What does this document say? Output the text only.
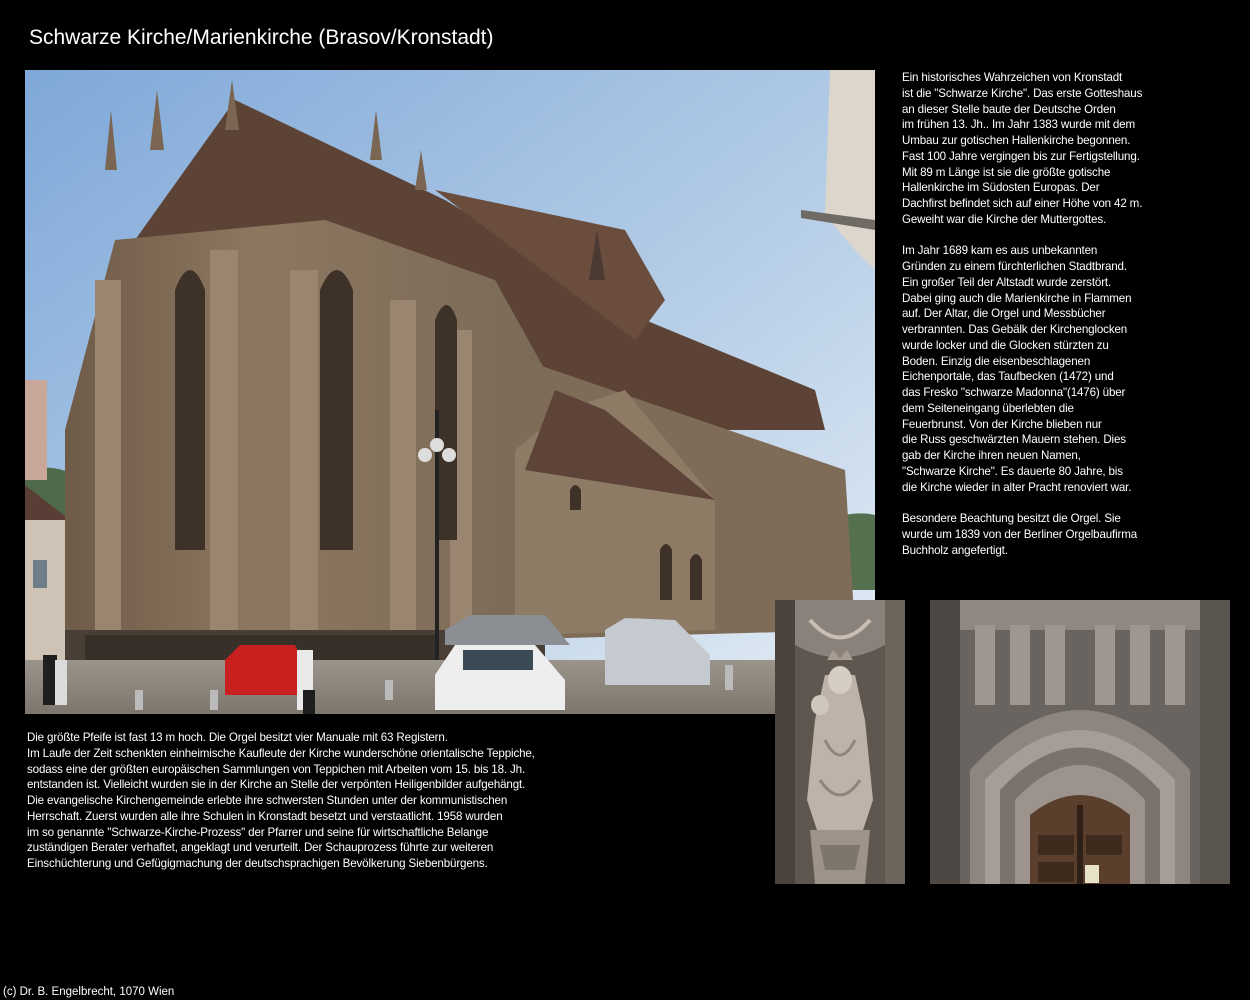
Schwarze Kirche/Marienkirche (Brasov/Kronstadt)
Ein historisches Wahrzeichen von Kronstadt
ist die "Schwarze Kirche". Das erste Gotteshaus
an dieser Stelle baute der Deutsche Orden
im frühen 13. Jh.. Im Jahr 1383 wurde mit dem
Umbau zur gotischen Hallenkirche begonnen.
Fast 100 Jahre vergingen bis zur Fertigstellung.
Mit 89 m Länge ist sie die größte gotische
Hallenkirche im Südosten Europas. Der
Dachfirst befindet sich auf einer Höhe von 42 m.
Geweiht war die Kirche der Muttergottes.
Im Jahr 1689 kam es aus unbekannten
Gründen zu einem fürchterlichen Stadtbrand.
Ein großer Teil der Altstadt wurde zerstört.
Dabei ging auch die Marienkirche in Flammen
auf. Der Altar, die Orgel und Messbücher
verbrannten. Das Gebälk der Kirchenglocken
wurde locker und die Glocken stürzten zu
Boden. Einzig die eisenbeschlagenen
Eichenportale, das Taufbecken (1472) und
das Fresko "schwarze Madonna"(1476) über
dem Seiteneingang überlebten die
Feuerbrunst. Von der Kirche blieben nur
die Russ geschwärzten Mauern stehen. Dies
gab der Kirche ihren neuen Namen,
"Schwarze Kirche". Es dauerte 80 Jahre, bis
die Kirche wieder in alter Pracht renoviert war.
Besondere Beachtung besitzt die Orgel. Sie
wurde um 1839 von der Berliner Orgelbaufirma
Buchholz angefertigt.
Die größte Pfeife ist fast 13 m hoch. Die Orgel besitzt vier Manuale mit 63 Registern.
Im Laufe der Zeit schenkten einheimische Kaufleute der Kirche wunderschöne orientalische Teppiche,
sodass eine der größten europäischen Sammlungen von Teppichen mit Arbeiten vom 15. bis 18. Jh.
entstanden ist. Vielleicht wurden sie in der Kirche an Stelle der verpönten Heiligenbilder aufgehängt.
Die evangelische Kirchengemeinde erlebte ihre schwersten Stunden unter der kommunistischen
Herrschaft. Zuerst wurden alle ihre Schulen in Kronstadt besetzt und verstaatlicht. 1958 wurden
im so genannte "Schwarze-Kirche-Prozess" der Pfarrer und seine für wirtschaftliche Belange
zuständigen Berater verhaftet, angeklagt und verurteilt. Der Schauprozess führte zur weiteren
Einschüchterung und Gefügigmachung der deutschsprachigen Bevölkerung Siebenbürgens.
(c) Dr. B. Engelbrecht, 1070 Wien
